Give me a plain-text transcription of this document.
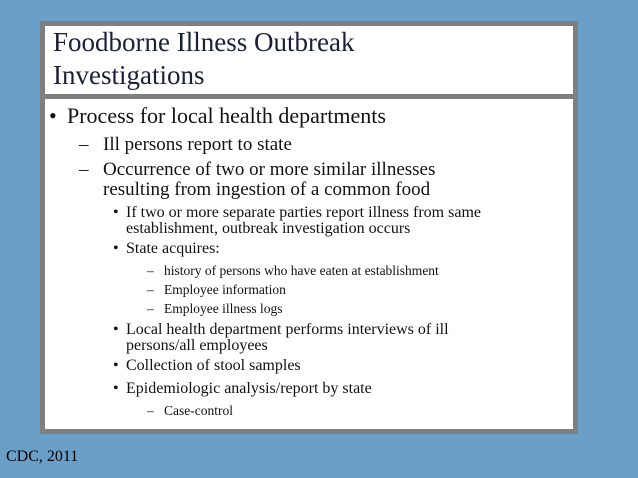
Foodborne Illness Outbreak
Investigations
• Process for local health departments
– Ill persons report to state
– Occurrence of two or more similar illnesses
resulting from ingestion of a common food
• If two or more separate parties report illness from same
establishment, outbreak investigation occurs
• State acquires:
– history of persons who have eaten at establishment
– Employee information
– Employee illness logs
• Local health department performs interviews of ill
persons/all employees
• Collection of stool samples
• Epidemiologic analysis/report by state
– Case-control
CDC, 2011
